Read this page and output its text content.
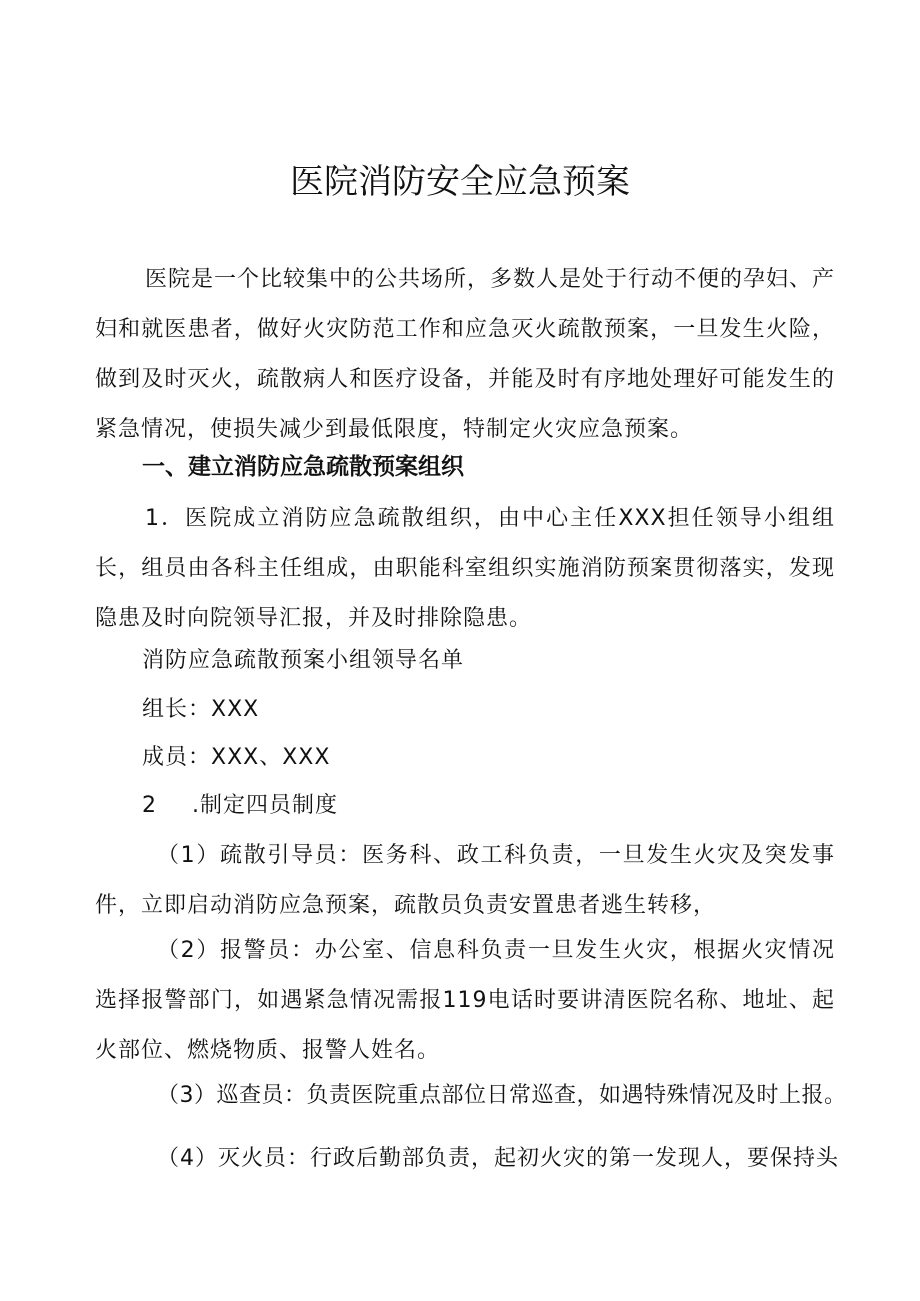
医院消防安全应急预案
医院是一个比较集中的公共场所，多数人是处于行动不便的孕妇、产妇和就医患者，做好火灾防范工作和应急灭火疏散预案，一旦发生火险，做到及时灭火，疏散病人和医疗设备，并能及时有序地处理好可能发生的紧急情况，使损失减少到最低限度，特制定火灾应急预案。
一、建立消防应急疏散预案组织
1．医院成立消防应急疏散组织，由中心主任XXX担任领导小组组长，组员由各科主任组成，由职能科室组织实施消防预案贯彻落实，发现隐患及时向院领导汇报，并及时排除隐患。
消防应急疏散预案小组领导名单
组长：XXX
成员：XXX、XXX
2 .制定四员制度
（1）疏散引导员：医务科、政工科负责，一旦发生火灾及突发事件，立即启动消防应急预案，疏散员负责安置患者逃生转移，
（2）报警员：办公室、信息科负责一旦发生火灾，根据火灾情况选择报警部门，如遇紧急情况需报119电话时要讲清医院名称、地址、起火部位、燃烧物质、报警人姓名。
（3）巡查员：负责医院重点部位日常巡查，如遇特殊情况及时上报。
（4）灭火员：行政后勤部负责，起初火灾的第一发现人，要保持头
